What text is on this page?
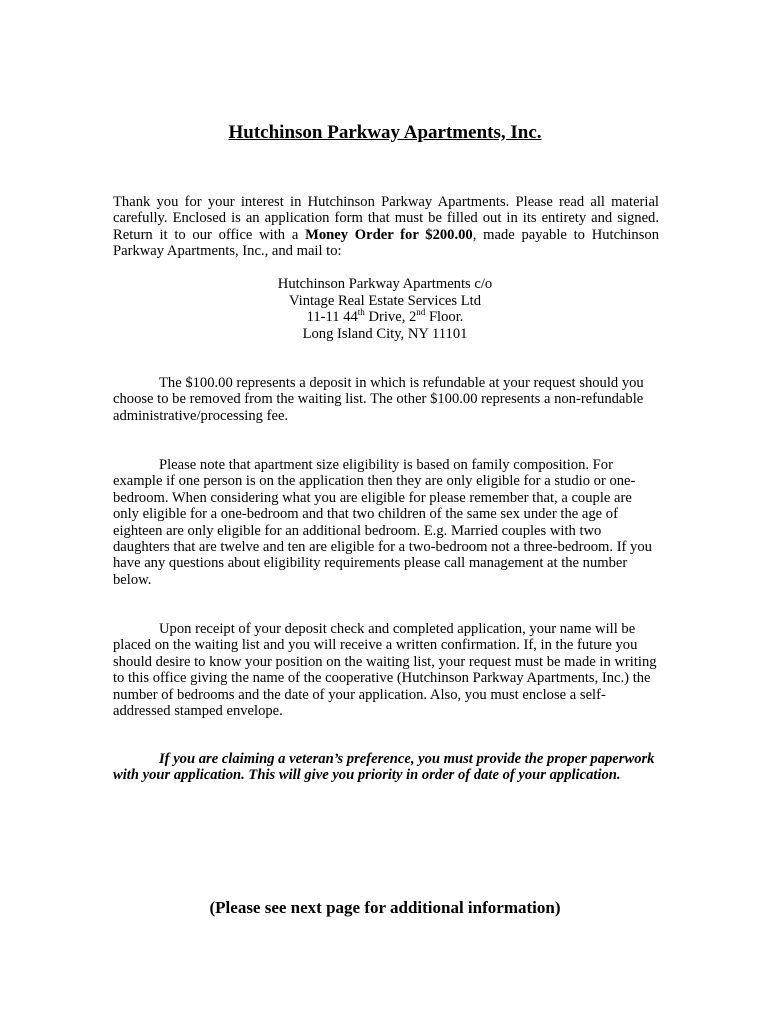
Hutchinson Parkway Apartments, Inc.

Thank you for your interest in Hutchinson Parkway Apartments. Please read all material carefully. Enclosed is an application form that must be filled out in its entirety and signed. Return it to our office with a Money Order for $200.00, made payable to Hutchinson Parkway Apartments, Inc., and mail to:

Hutchinson Parkway Apartments c/o
Vintage Real Estate Services Ltd
11-11 44th Drive, 2nd Floor.
Long Island City, NY 11101

The $100.00 represents a deposit in which is refundable at your request should you choose to be removed from the waiting list. The other $100.00 represents a non-refundable administrative/processing fee.

Please note that apartment size eligibility is based on family composition. For example if one person is on the application then they are only eligible for a studio or one-bedroom. When considering what you are eligible for please remember that, a couple are only eligible for a one-bedroom and that two children of the same sex under the age of eighteen are only eligible for an additional bedroom. E.g. Married couples with two daughters that are twelve and ten are eligible for a two-bedroom not a three-bedroom. If you have any questions about eligibility requirements please call management at the number below.

Upon receipt of your deposit check and completed application, your name will be placed on the waiting list and you will receive a written confirmation. If, in the future you should desire to know your position on the waiting list, your request must be made in writing to this office giving the name of the cooperative (Hutchinson Parkway Apartments, Inc.) the number of bedrooms and the date of your application. Also, you must enclose a self-addressed stamped envelope.

If you are claiming a veteran’s preference, you must provide the proper paperwork with your application. This will give you priority in order of date of your application.

(Please see next page for additional information)
